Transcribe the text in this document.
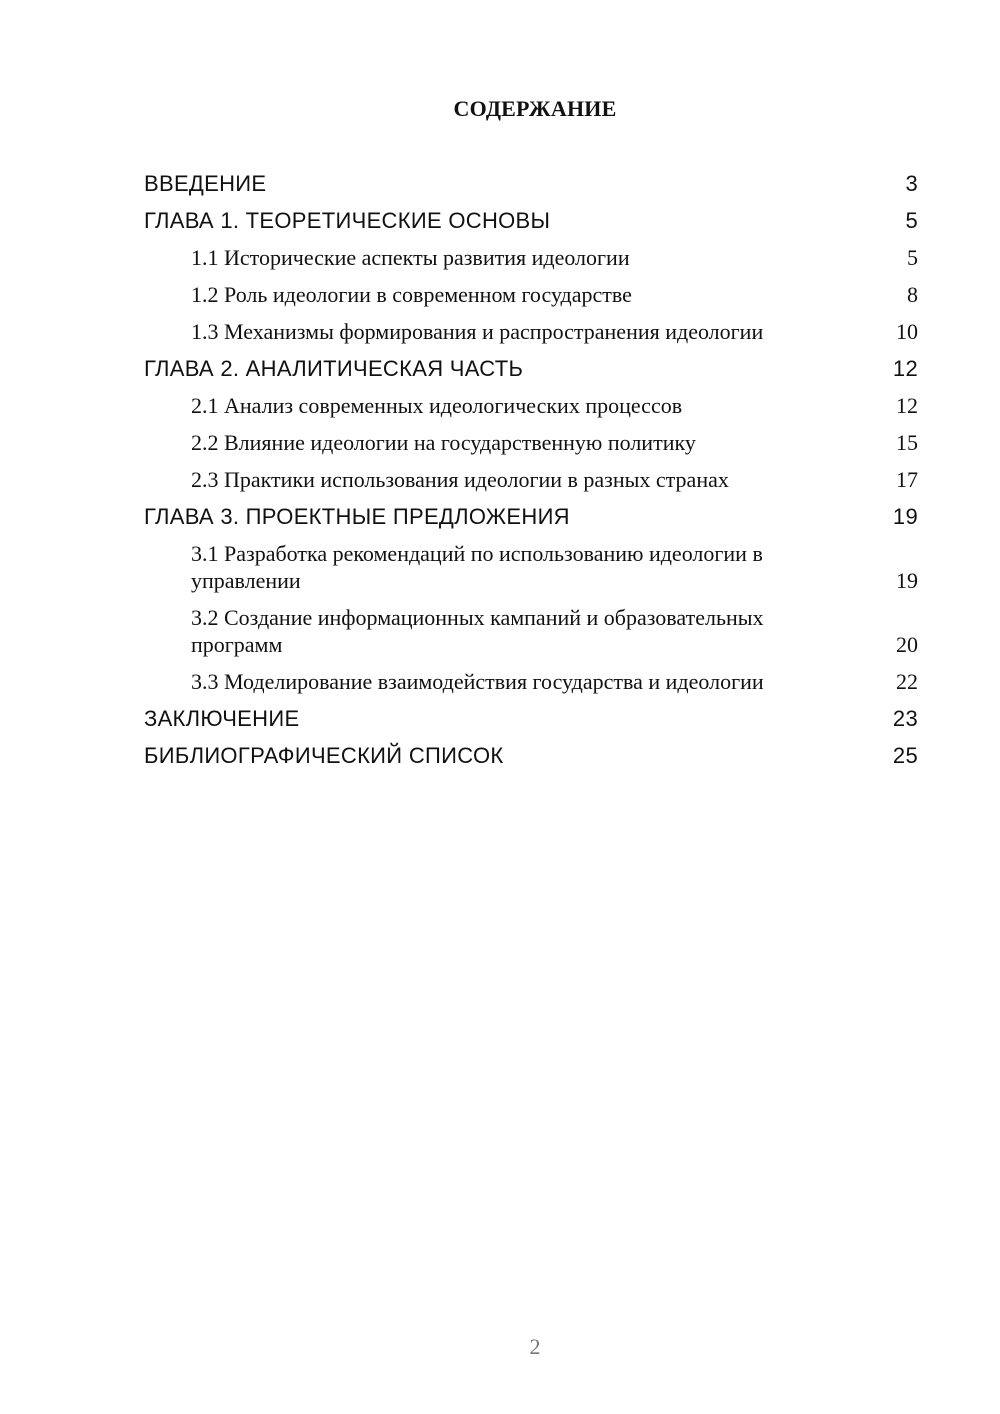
СОДЕРЖАНИЕ
ВВЕДЕНИЕ	3
ГЛАВА 1. ТЕОРЕТИЧЕСКИЕ ОСНОВЫ	5
1.1 Исторические аспекты развития идеологии	5
1.2 Роль идеологии в современном государстве	8
1.3 Механизмы формирования и распространения идеологии	10
ГЛАВА 2. АНАЛИТИЧЕСКАЯ ЧАСТЬ	12
2.1 Анализ современных идеологических процессов	12
2.2 Влияние идеологии на государственную политику	15
2.3 Практики использования идеологии в разных странах	17
ГЛАВА 3. ПРОЕКТНЫЕ ПРЕДЛОЖЕНИЯ	19
3.1 Разработка рекомендаций по использованию идеологии в управлении	19
3.2 Создание информационных кампаний и образовательных программ	20
3.3 Моделирование взаимодействия государства и идеологии	22
ЗАКЛЮЧЕНИЕ	23
БИБЛИОГРАФИЧЕСКИЙ СПИСОК	25
2
